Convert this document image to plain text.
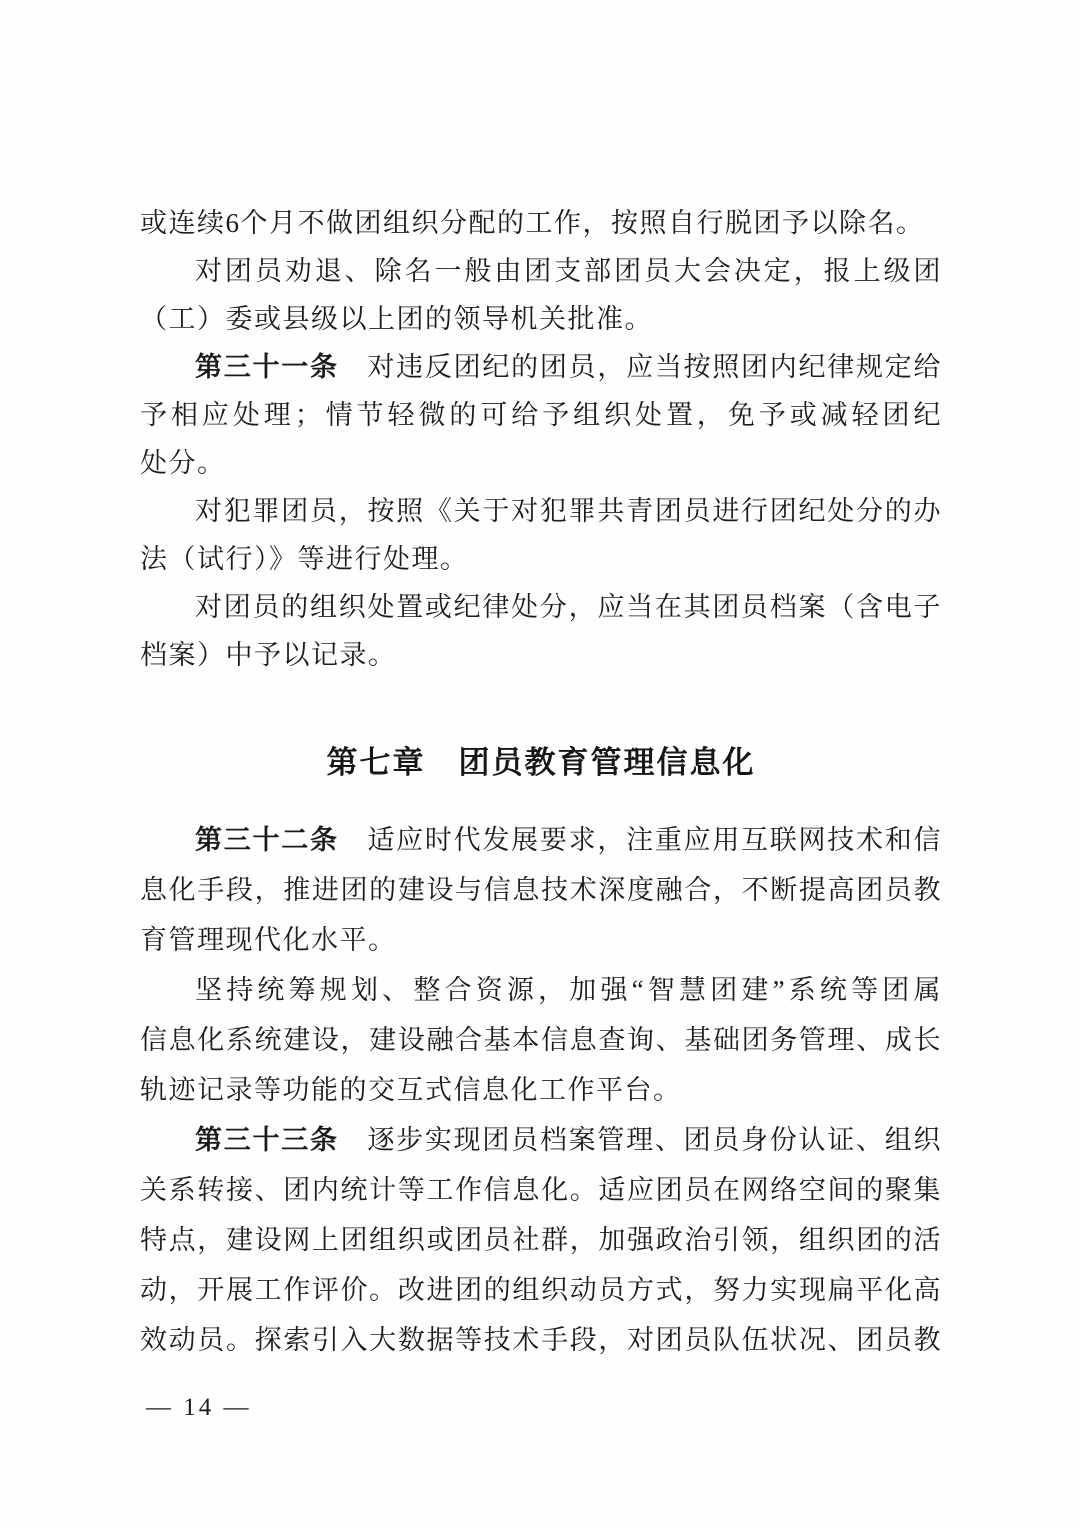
或连续6个月不做团组织分配的工作，按照自行脱团予以除名。
对团员劝退、除名一般由团支部团员大会决定，报上级团
（工）委或县级以上团的领导机关批准。
第三十一条　对违反团纪的团员，应当按照团内纪律规定给
予相应处理；情节轻微的可给予组织处置，免予或减轻团纪
处分。
对犯罪团员，按照《关于对犯罪共青团员进行团纪处分的办
法（试行）》等进行处理。
对团员的组织处置或纪律处分，应当在其团员档案（含电子
档案）中予以记录。
第七章　团员教育管理信息化
第三十二条　适应时代发展要求，注重应用互联网技术和信
息化手段，推进团的建设与信息技术深度融合，不断提高团员教
育管理现代化水平。
坚持统筹规划、整合资源，加强“智慧团建”系统等团属
信息化系统建设，建设融合基本信息查询、基础团务管理、成长
轨迹记录等功能的交互式信息化工作平台。
第三十三条　逐步实现团员档案管理、团员身份认证、组织
关系转接、团内统计等工作信息化。适应团员在网络空间的聚集
特点，建设网上团组织或团员社群，加强政治引领，组织团的活
动，开展工作评价。改进团的组织动员方式，努力实现扁平化高
效动员。探索引入大数据等技术手段，对团员队伍状况、团员教
— 14 —
